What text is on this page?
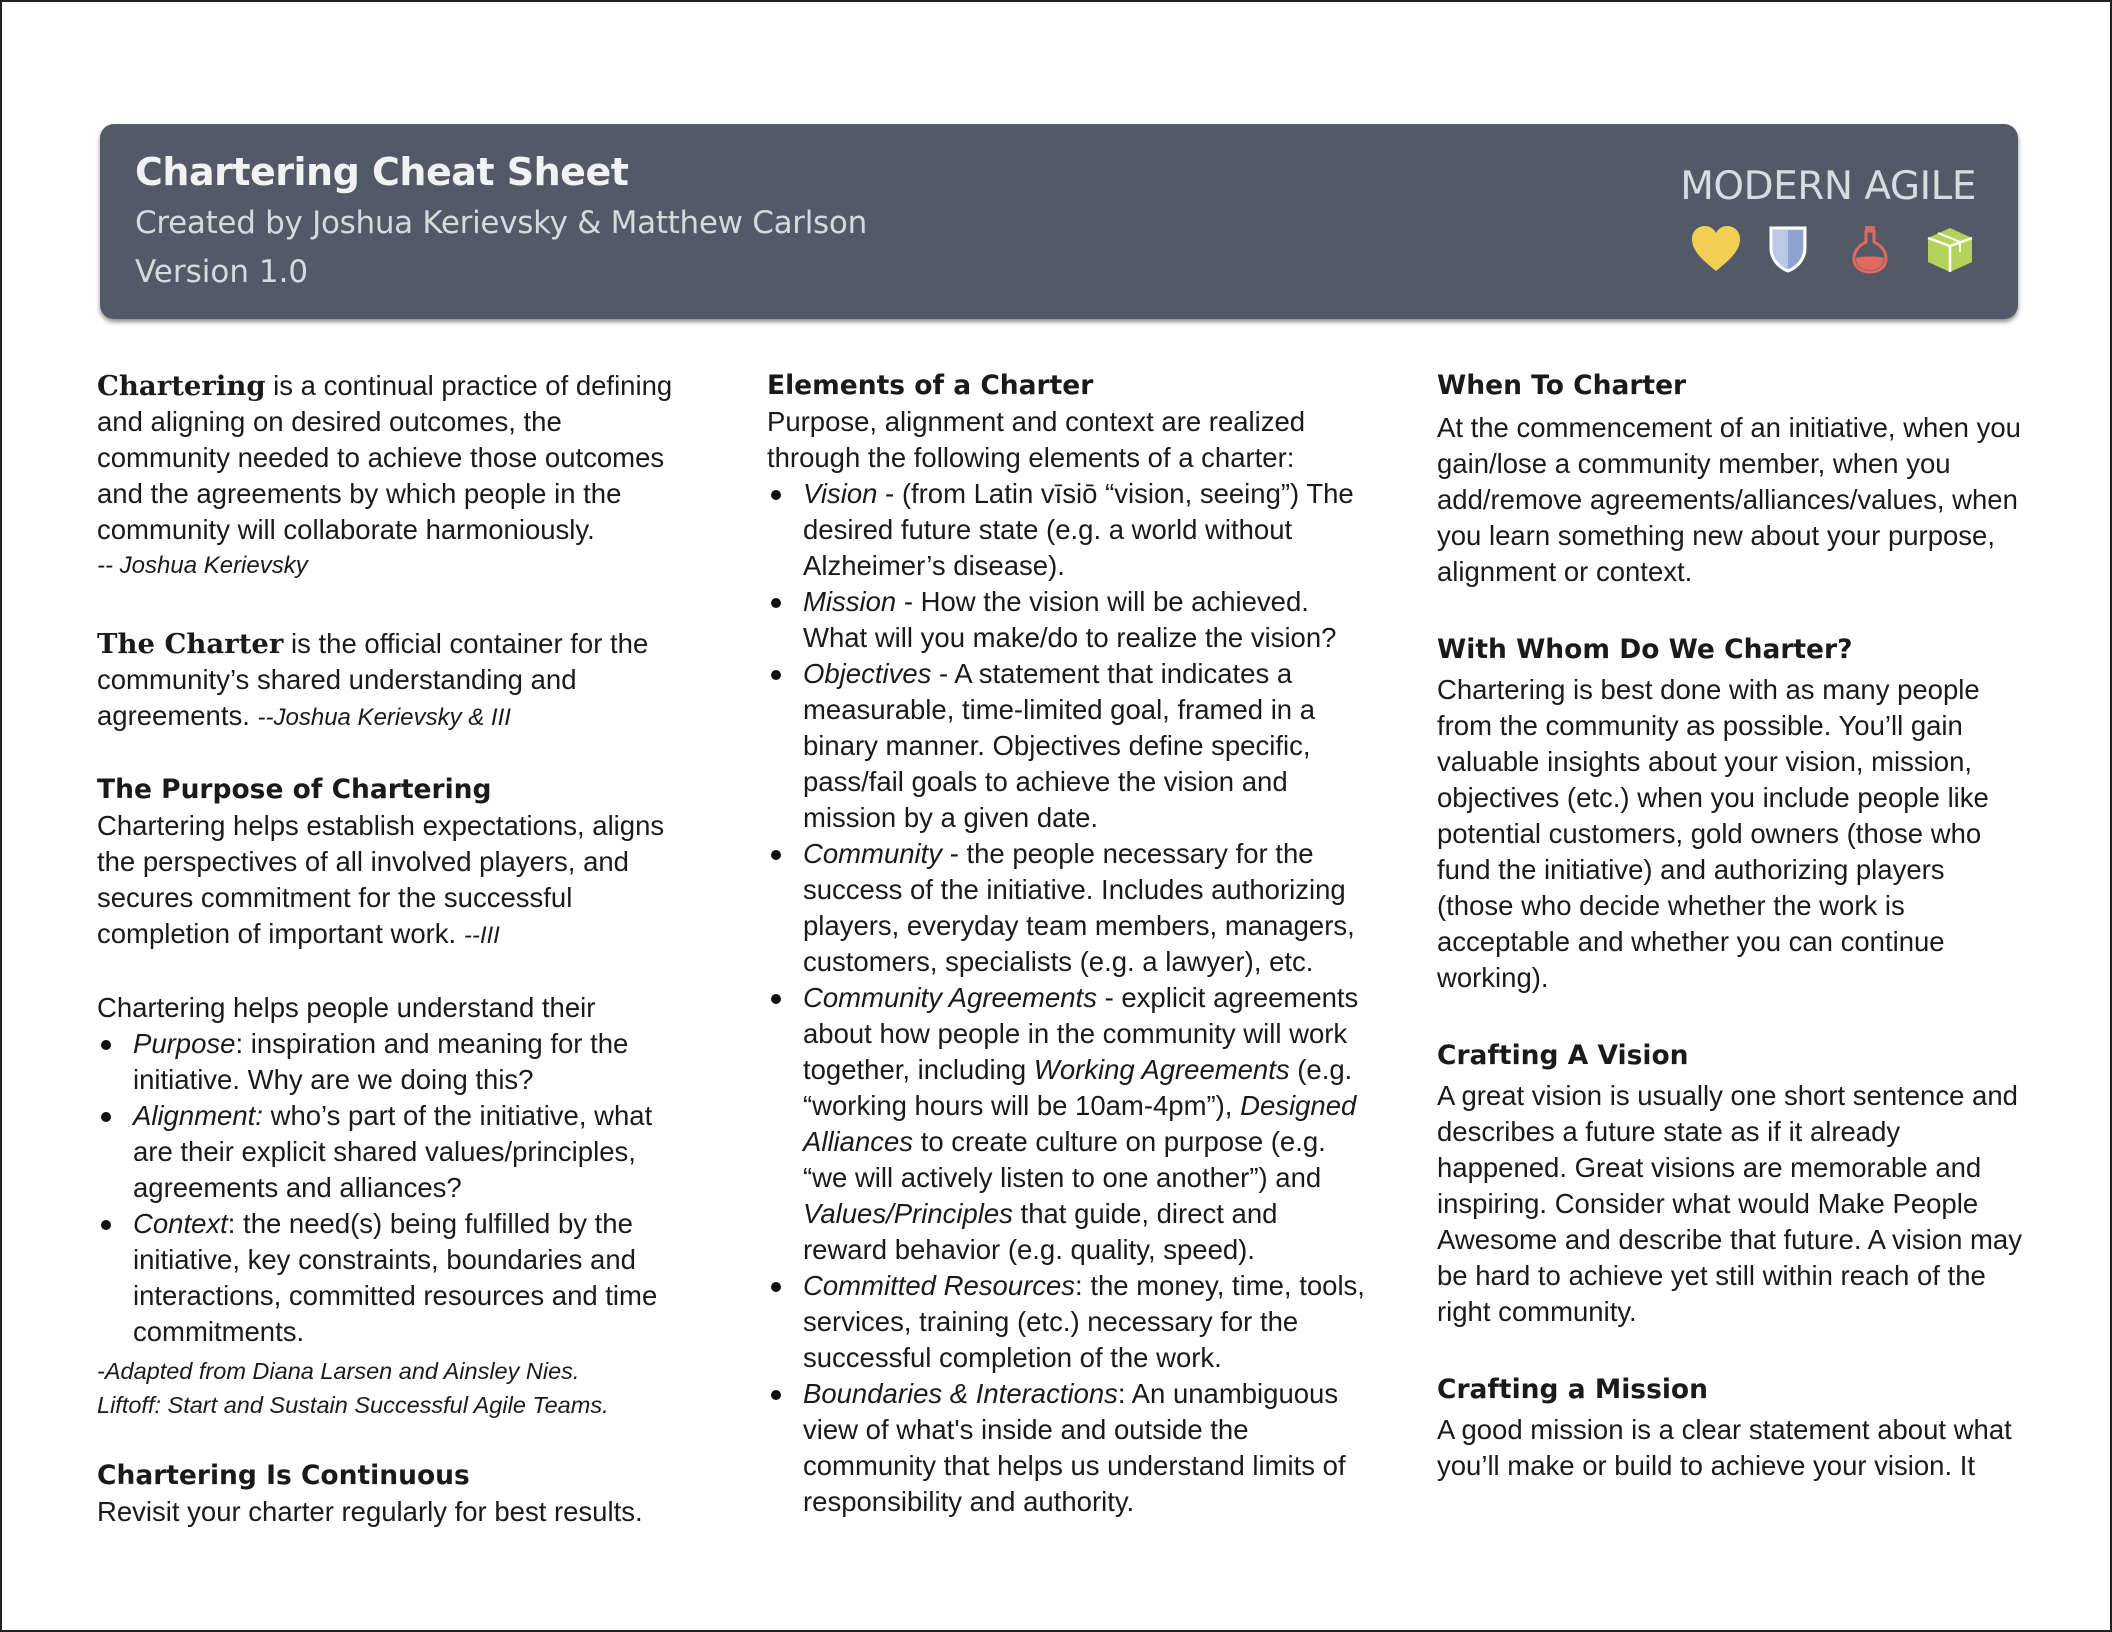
Chartering Cheat Sheet
Created by Joshua Kerievsky & Matthew Carlson
Version 1.0
MODERN AGILE

Chartering is a continual practice of defining and aligning on desired outcomes, the community needed to achieve those outcomes and the agreements by which people in the community will collaborate harmoniously.

-- Joshua Kerievsky

The Charter is the official container for the community’s shared understanding and agreements. --Joshua Kerievsky & III

The Purpose of Chartering

Chartering helps establish expectations, aligns the perspectives of all involved players, and secures commitment for the successful completion of important work. --III

Chartering helps people understand their

Purpose: inspiration and meaning for the initiative. Why are we doing this?
Alignment: who’s part of the initiative, what are their explicit shared values/principles, agreements and alliances?
Context: the need(s) being fulfilled by the initiative, key constraints, boundaries and interactions, committed resources and time commitments.

-Adapted from Diana Larsen and Ainsley Nies.

Liftoff: Start and Sustain Successful Agile Teams.

Chartering Is Continuous

Revisit your charter regularly for best results.

Elements of a Charter

Purpose, alignment and context are realized through the following elements of a charter:

Vision - (from Latin vīsiō “vision, seeing”) The desired future state (e.g. a world without Alzheimer’s disease).
Mission - How the vision will be achieved. What will you make/do to realize the vision?
Objectives - A statement that indicates a measurable, time-limited goal, framed in a binary manner. Objectives define specific, pass/fail goals to achieve the vision and mission by a given date.
Community - the people necessary for the success of the initiative. Includes authorizing players, everyday team members, managers, customers, specialists (e.g. a lawyer), etc.
Community Agreements - explicit agreements about how people in the community will work together, including Working Agreements (e.g. “working hours will be 10am-4pm”), Designed Alliances to create culture on purpose (e.g. “we will actively listen to one another”) and Values/Principles that guide, direct and reward behavior (e.g. quality, speed).
Committed Resources: the money, time, tools, services, training (etc.) necessary for the successful completion of the work.
Boundaries & Interactions: An unambiguous view of what's inside and outside the community that helps us understand limits of responsibility and authority.

When To Charter

At the commencement of an initiative, when you gain/lose a community member, when you add/remove agreements/alliances/values, when you learn something new about your purpose, alignment or context.

With Whom Do We Charter?

Chartering is best done with as many people from the community as possible. You’ll gain valuable insights about your vision, mission, objectives (etc.) when you include people like potential customers, gold owners (those who fund the initiative) and authorizing players (those who decide whether the work is acceptable and whether you can continue working).

Crafting A Vision

A great vision is usually one short sentence and describes a future state as if it already happened. Great visions are memorable and inspiring. Consider what would Make People Awesome and describe that future. A vision may be hard to achieve yet still within reach of the right community.

Crafting a Mission

A good mission is a clear statement about what you’ll make or build to achieve your vision. It
